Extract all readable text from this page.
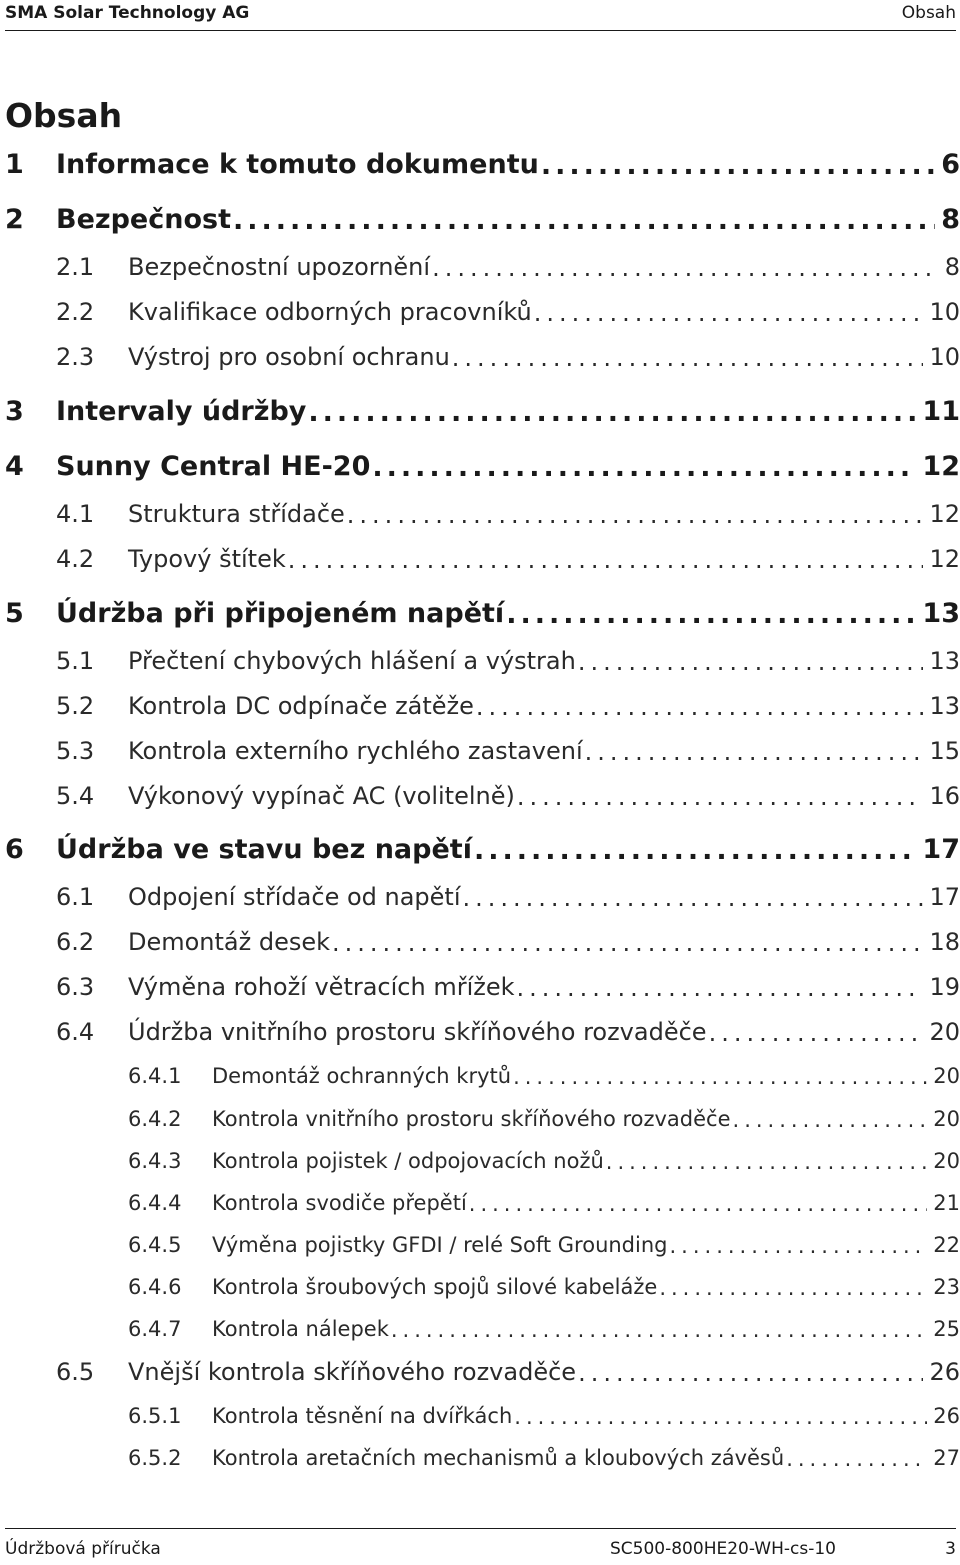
SMA Solar Technology AG	Obsah
Obsah
1	Informace k tomuto dokumentu .....	6
2	Bezpečnost .....	8
2.1	Bezpečnostní upozornění .....	8
2.2	Kvalifikace odborných pracovníků .....	10
2.3	Výstroj pro osobní ochranu .....	10
3	Intervaly údržby .....	11
4	Sunny Central HE-20 .....	12
4.1	Struktura střídače .....	12
4.2	Typový štítek .....	12
5	Údržba při připojeném napětí .....	13
5.1	Přečtení chybových hlášení a výstrah .....	13
5.2	Kontrola DC odpínače zátěže .....	13
5.3	Kontrola externího rychlého zastavení .....	15
5.4	Výkonový vypínač AC (volitelně) .....	16
6	Údržba ve stavu bez napětí .....	17
6.1	Odpojení střídače od napětí .....	17
6.2	Demontáž desek .....	18
6.3	Výměna rohoží větracích mřížek .....	19
6.4	Údržba vnitřního prostoru skříňového rozvaděče .....	20
6.4.1	Demontáž ochranných krytů .....	20
6.4.2	Kontrola vnitřního prostoru skříňového rozvaděče .....	20
6.4.3	Kontrola pojistek / odpojovacích nožů .....	20
6.4.4	Kontrola svodiče přepětí .....	21
6.4.5	Výměna pojistky GFDI / relé Soft Grounding .....	22
6.4.6	Kontrola šroubových spojů silové kabeláže .....	23
6.4.7	Kontrola nálepek .....	25
6.5	Vnější kontrola skříňového rozvaděče .....	26
6.5.1	Kontrola těsnění na dvířkách .....	26
6.5.2	Kontrola aretačních mechanismů a kloubových závěsů .....	27
Údržbová příručka	SC500-800HE20-WH-cs-10	3
